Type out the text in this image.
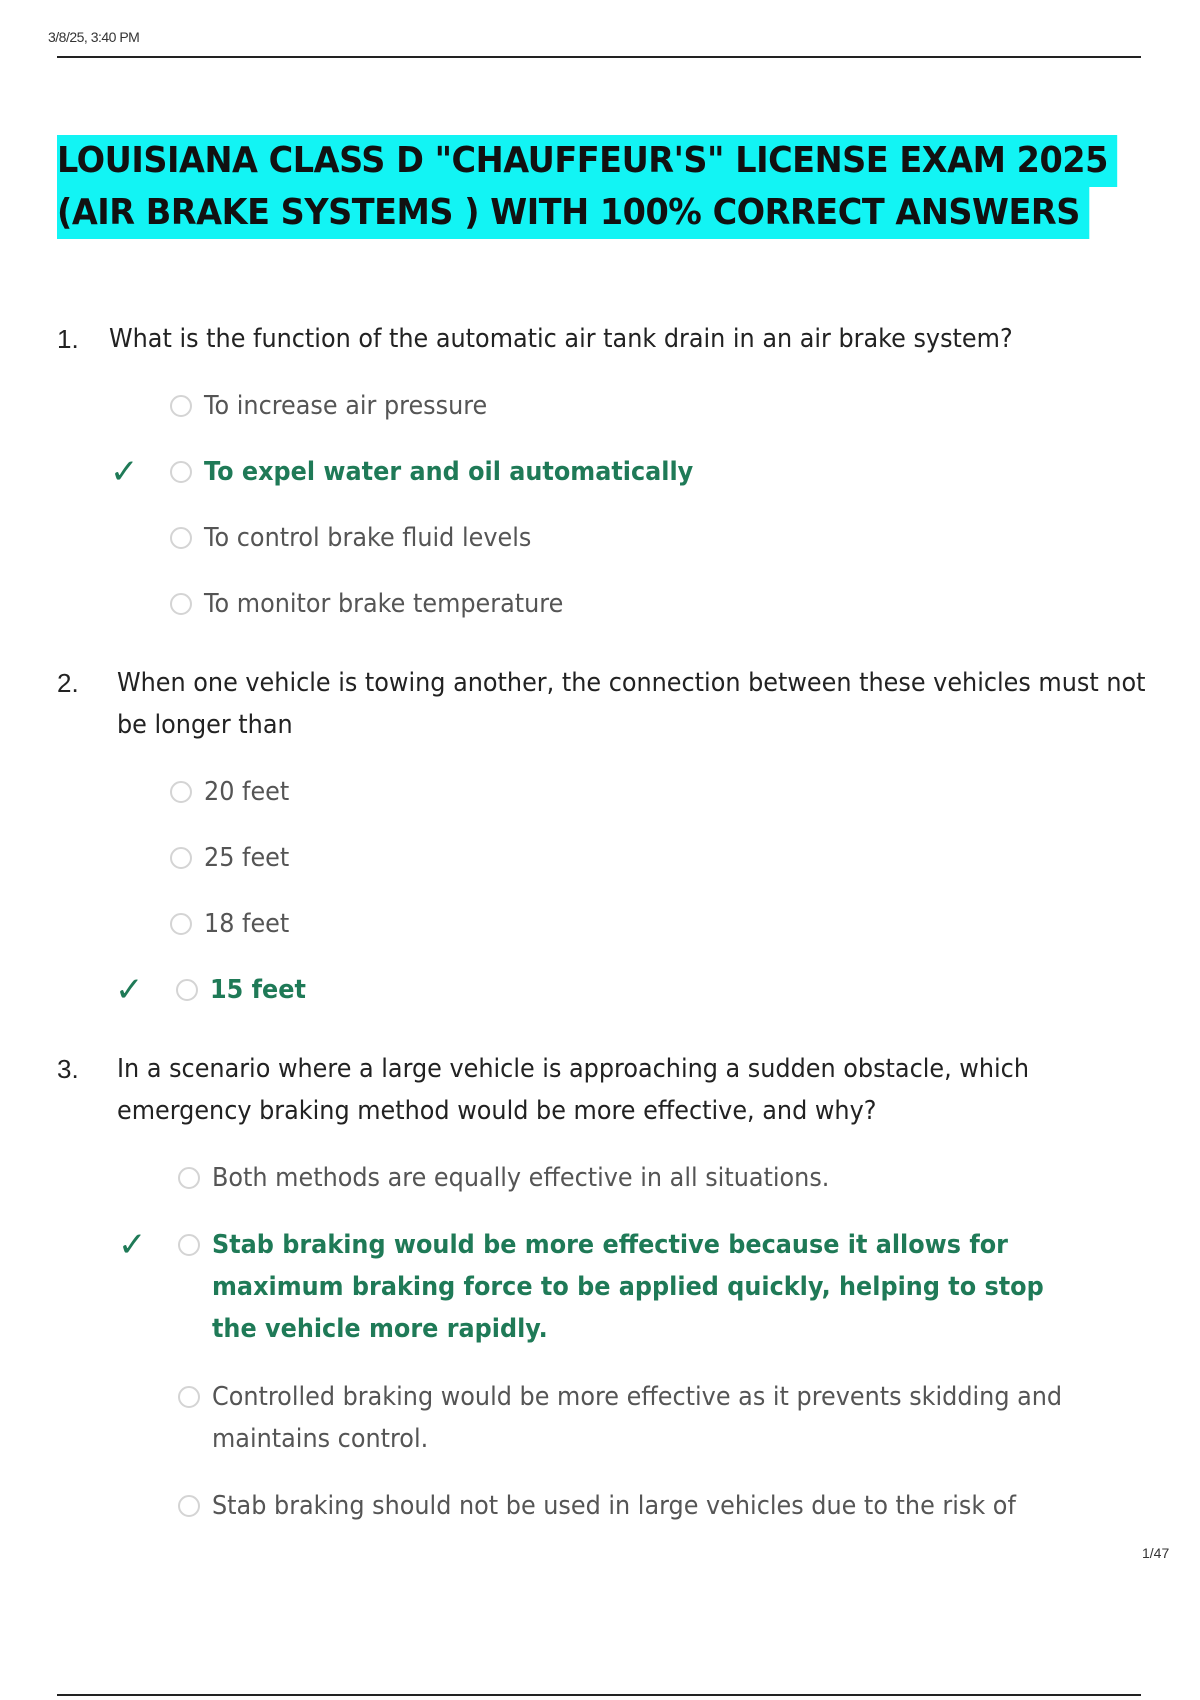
3/8/25, 3:40 PM
LOUISIANA CLASS D "CHAUFFEUR'S" LICENSE EXAM 2025
(AIR BRAKE SYSTEMS ) WITH 100% CORRECT ANSWERS
1. What is the function of the automatic air tank drain in an air brake system?
To increase air pressure
✓	To expel water and oil automatically
To control brake fluid levels
To monitor brake temperature
2. When one vehicle is towing another, the connection between these vehicles must not be longer than
20 feet
25 feet
18 feet
✓	15 feet
3. In a scenario where a large vehicle is approaching a sudden obstacle, which emergency braking method would be more effective, and why?
Both methods are equally effective in all situations.
✓	Stab braking would be more effective because it allows for maximum braking force to be applied quickly, helping to stop the vehicle more rapidly.
Controlled braking would be more effective as it prevents skidding and maintains control.
Stab braking should not be used in large vehicles due to the risk of
1/47
